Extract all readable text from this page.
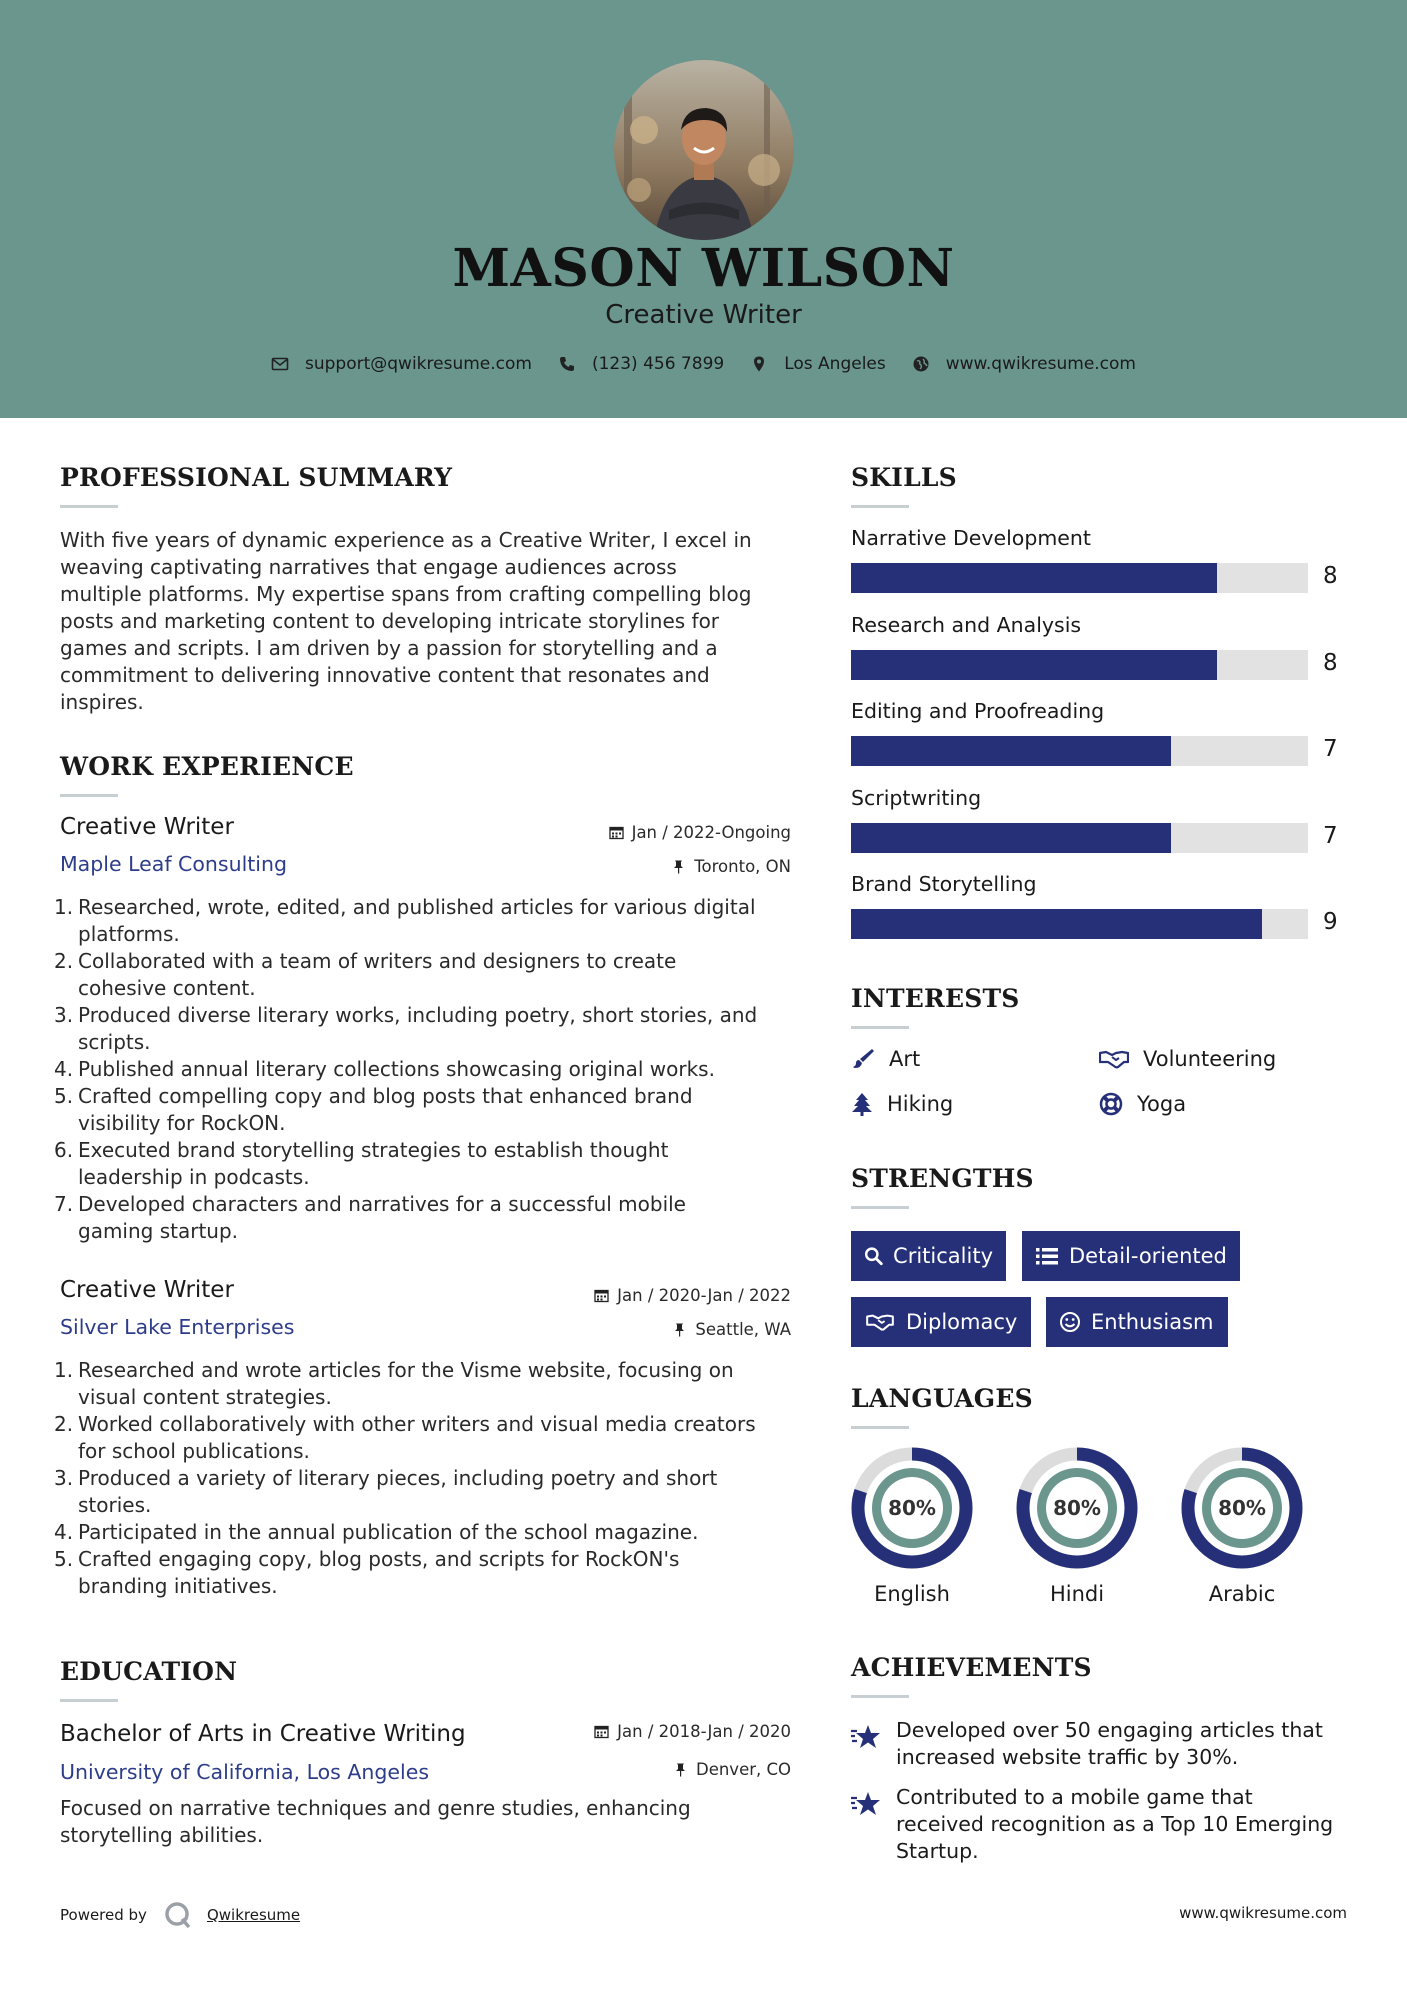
MASON WILSON
Creative Writer
support@qwikresume.com	(123) 456 7899	Los Angeles	www.qwikresume.com
PROFESSIONAL SUMMARY
With five years of dynamic experience as a Creative Writer, I excel in
weaving captivating narratives that engage audiences across
multiple platforms. My expertise spans from crafting compelling blog
posts and marketing content to developing intricate storylines for
games and scripts. I am driven by a passion for storytelling and a
commitment to delivering innovative content that resonates and
inspires.
WORK EXPERIENCE
Creative Writer	Jan / 2022-Ongoing
Maple Leaf Consulting	Toronto, ON
1. Researched, wrote, edited, and published articles for various digital
platforms.
2. Collaborated with a team of writers and designers to create
cohesive content.
3. Produced diverse literary works, including poetry, short stories, and
scripts.
4. Published annual literary collections showcasing original works.
5. Crafted compelling copy and blog posts that enhanced brand
visibility for RockON.
6. Executed brand storytelling strategies to establish thought
leadership in podcasts.
7. Developed characters and narratives for a successful mobile
gaming startup.
Creative Writer	Jan / 2020-Jan / 2022
Silver Lake Enterprises	Seattle, WA
1. Researched and wrote articles for the Visme website, focusing on
visual content strategies.
2. Worked collaboratively with other writers and visual media creators
for school publications.
3. Produced a variety of literary pieces, including poetry and short
stories.
4. Participated in the annual publication of the school magazine.
5. Crafted engaging copy, blog posts, and scripts for RockON's
branding initiatives.
EDUCATION
Bachelor of Arts in Creative Writing	Jan / 2018-Jan / 2020
University of California, Los Angeles	Denver, CO
Focused on narrative techniques and genre studies, enhancing
storytelling abilities.
SKILLS
Narrative Development
8
Research and Analysis
8
Editing and Proofreading
7
Scriptwriting
7
Brand Storytelling
9
INTERESTS
Art	Volunteering
Hiking	Yoga
STRENGTHS
Criticality	Detail-oriented
Diplomacy	Enthusiasm
LANGUAGES
80%
English
80%
Hindi
80%
Arabic
ACHIEVEMENTS
Developed over 50 engaging articles that
increased website traffic by 30%.
Contributed to a mobile game that
received recognition as a Top 10 Emerging
Startup.
Powered by	Qwikresume	www.qwikresume.com
